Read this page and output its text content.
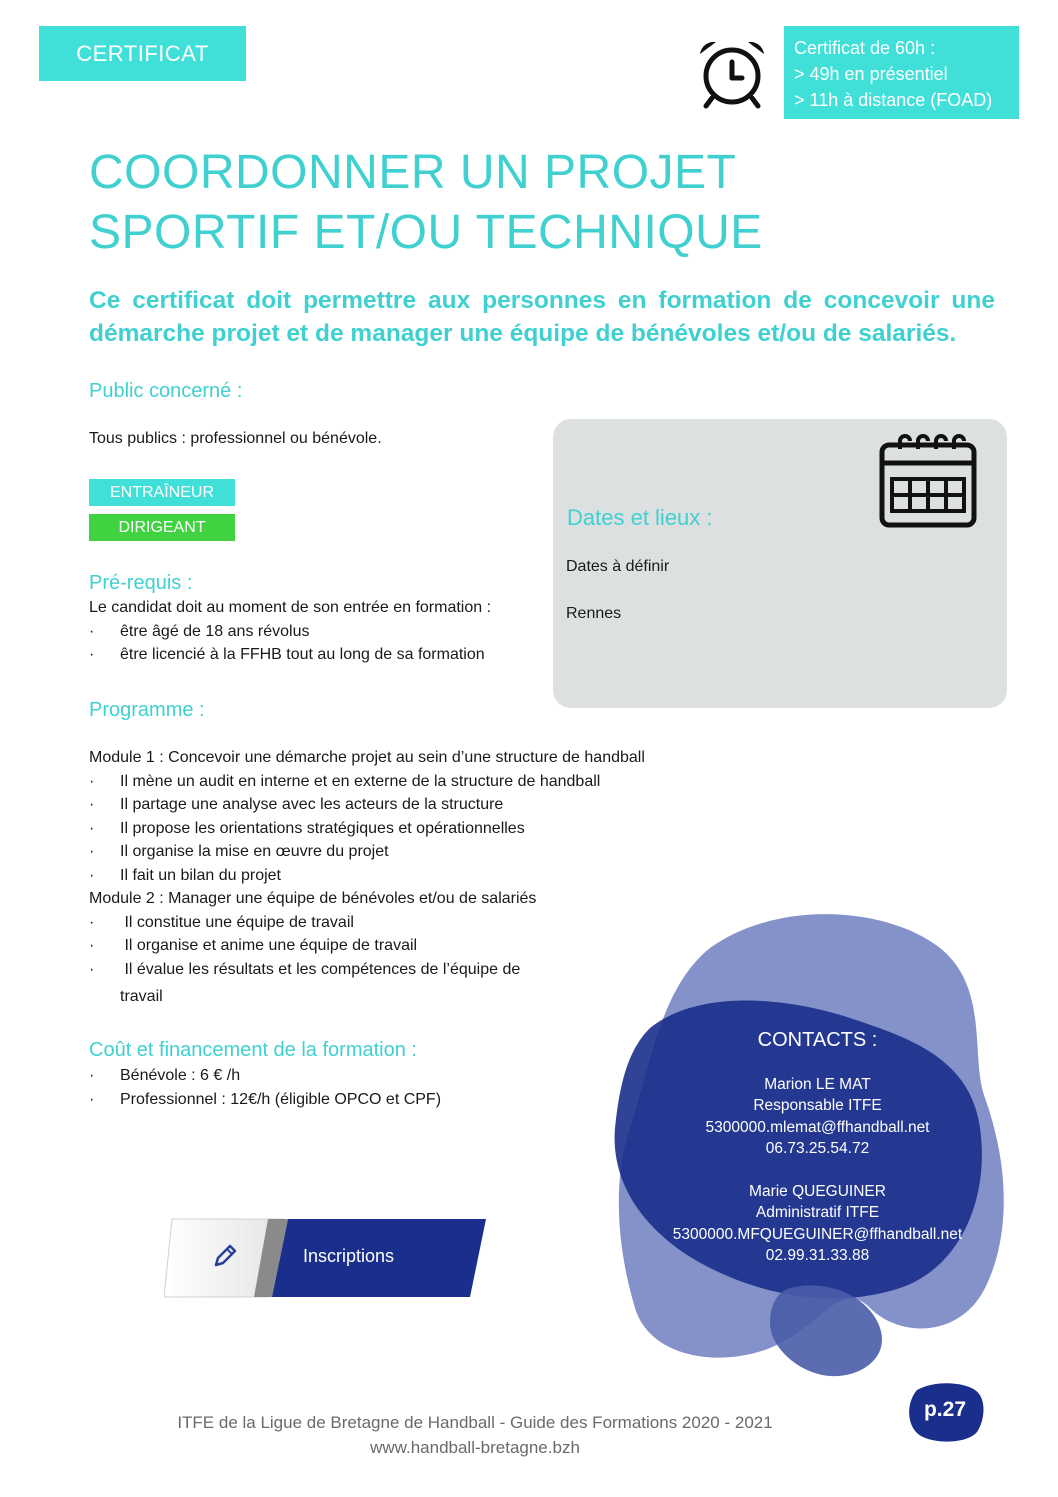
CERTIFICAT	Certificat de 60h :
> 49h en présentiel
> 11h à distance (FOAD)
COORDONNER UN PROJET
SPORTIF ET/OU TECHNIQUE
Ce certificat doit permettre aux personnes en formation de concevoir une démarche projet et de manager une équipe de bénévoles et/ou de salariés.
Public concerné :
Tous publics : professionnel ou bénévole.
ENTRAÎNEUR
DIRIGEANT
Pré-requis :
Le candidat doit au moment de son entrée en formation :
·	être âgé de 18 ans révolus
·	être licencié à la FFHB tout au long de sa formation
Dates et lieux :
Dates à définir
Rennes
Programme :
Module 1 : Concevoir une démarche projet au sein d’une structure de handball
·	Il mène un audit en interne et en externe de la structure de handball
·	Il partage une analyse avec les acteurs de la structure
·	Il propose les orientations stratégiques et opérationnelles
·	Il organise la mise en œuvre du projet
·	Il fait un bilan du projet
Module 2 : Manager une équipe de bénévoles et/ou de salariés
·	Il constitue une équipe de travail
·	Il organise et anime une équipe de travail
·	Il évalue les résultats et les compétences de l’équipe de
travail
Coût et financement de la formation :
·	Bénévole : 6 € /h
·	Professionnel : 12€/h (éligible OPCO et CPF)
CONTACTS :
Marion LE MAT
Responsable ITFE
5300000.mlemat@ffhandball.net
06.73.25.54.72
Marie QUEGUINER
Administratif ITFE
5300000.MFQUEGUINER@ffhandball.net
02.99.31.33.88
Inscriptions
p.27
ITFE de la Ligue de Bretagne de Handball - Guide des Formations 2020 - 2021
www.handball-bretagne.bzh
